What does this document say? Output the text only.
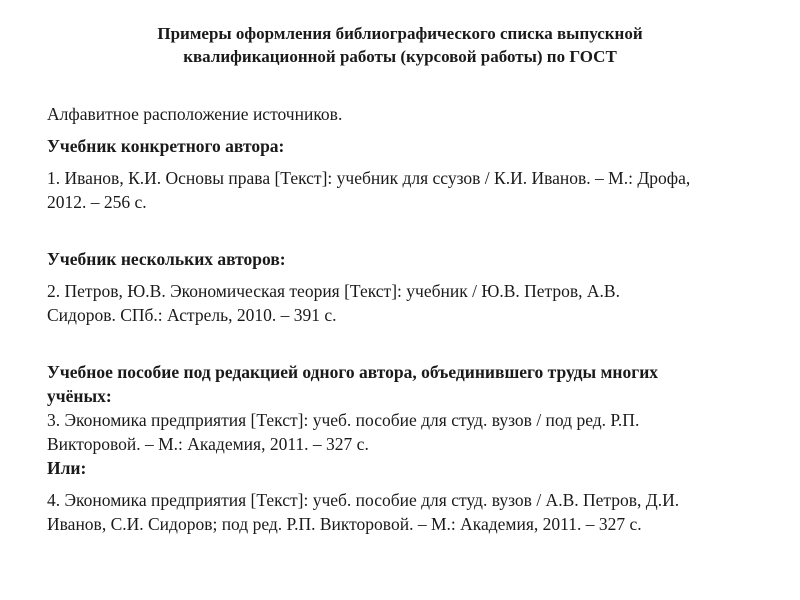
Примеры оформления библиографического списка выпускной
квалификационной работы (курсовой работы) по ГОСТ

Алфавитное расположение источников.

Учебник конкретного автора:

1. Иванов, К.И. Основы права [Текст]: учебник для ссузов / К.И. Иванов. – М.: Дрофа,
2012. – 256 с.

Учебник нескольких авторов:

2. Петров, Ю.В. Экономическая теория [Текст]: учебник / Ю.В. Петров, А.В.
Сидоров. СПб.: Астрель, 2010. – 391 с.

Учебное пособие под редакцией одного автора, объединившего труды многих
учёных:

3. Экономика предприятия [Текст]: учеб. пособие для студ. вузов / под ред. Р.П.
Викторовой. – М.: Академия, 2011. – 327 с.

Или:

4. Экономика предприятия [Текст]: учеб. пособие для студ. вузов / А.В. Петров, Д.И.
Иванов, С.И. Сидоров; под ред. Р.П. Викторовой. – М.: Академия, 2011. – 327 с.
